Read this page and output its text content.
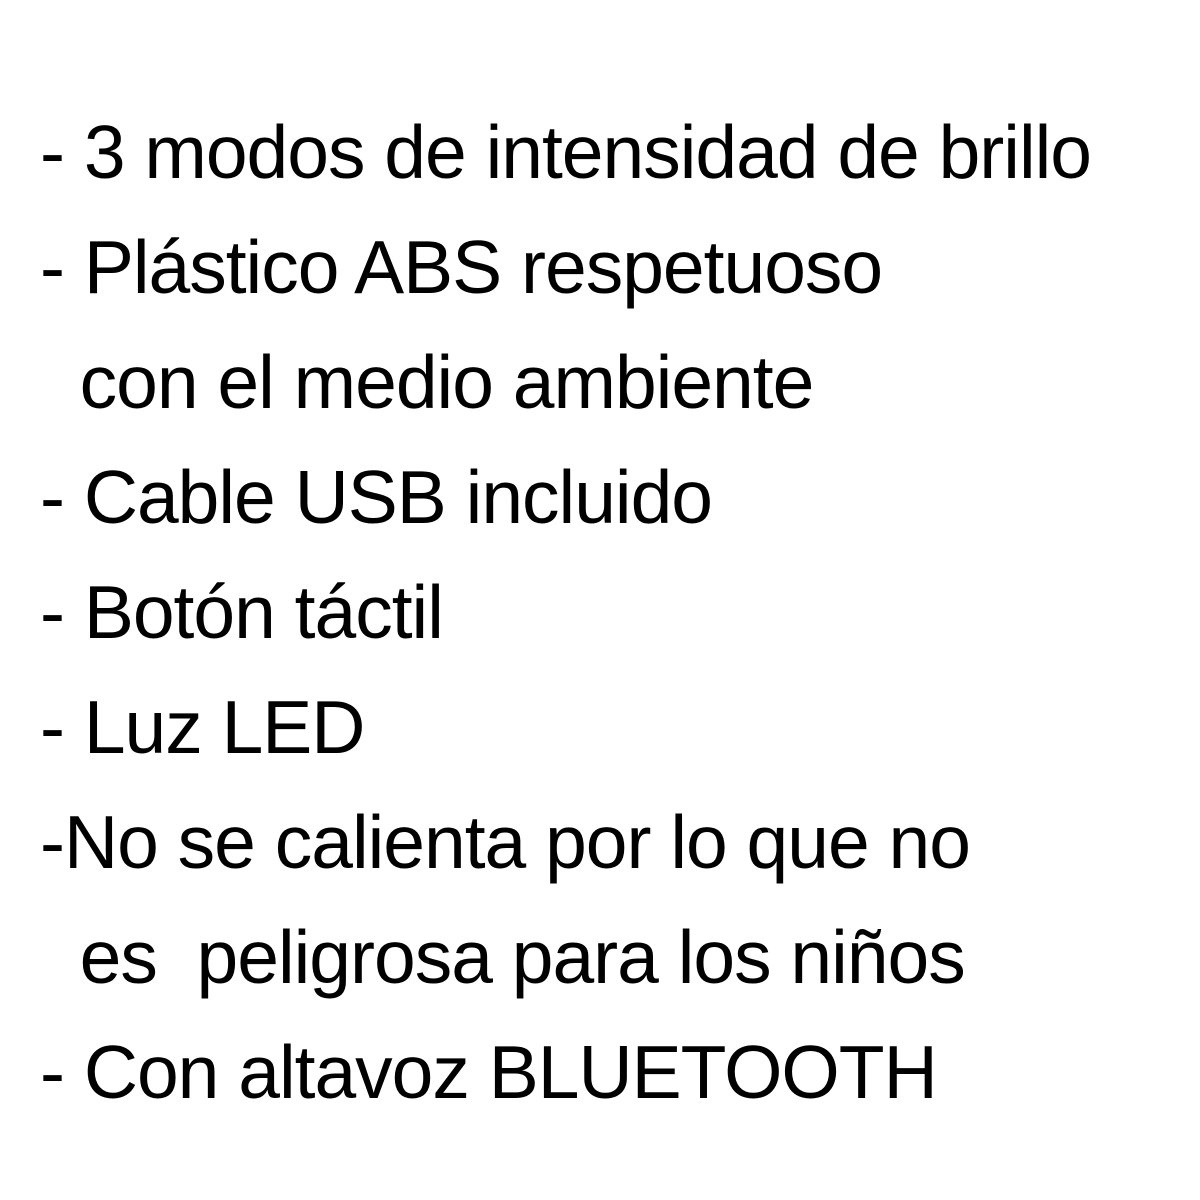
- 3 modos de intensidad de brillo
- Plástico ABS respetuoso
con el medio ambiente
- Cable USB incluido
- Botón táctil
- Luz LED
-No se calienta por lo que no
es  peligrosa para los niños
- Con altavoz BLUETOOTH
